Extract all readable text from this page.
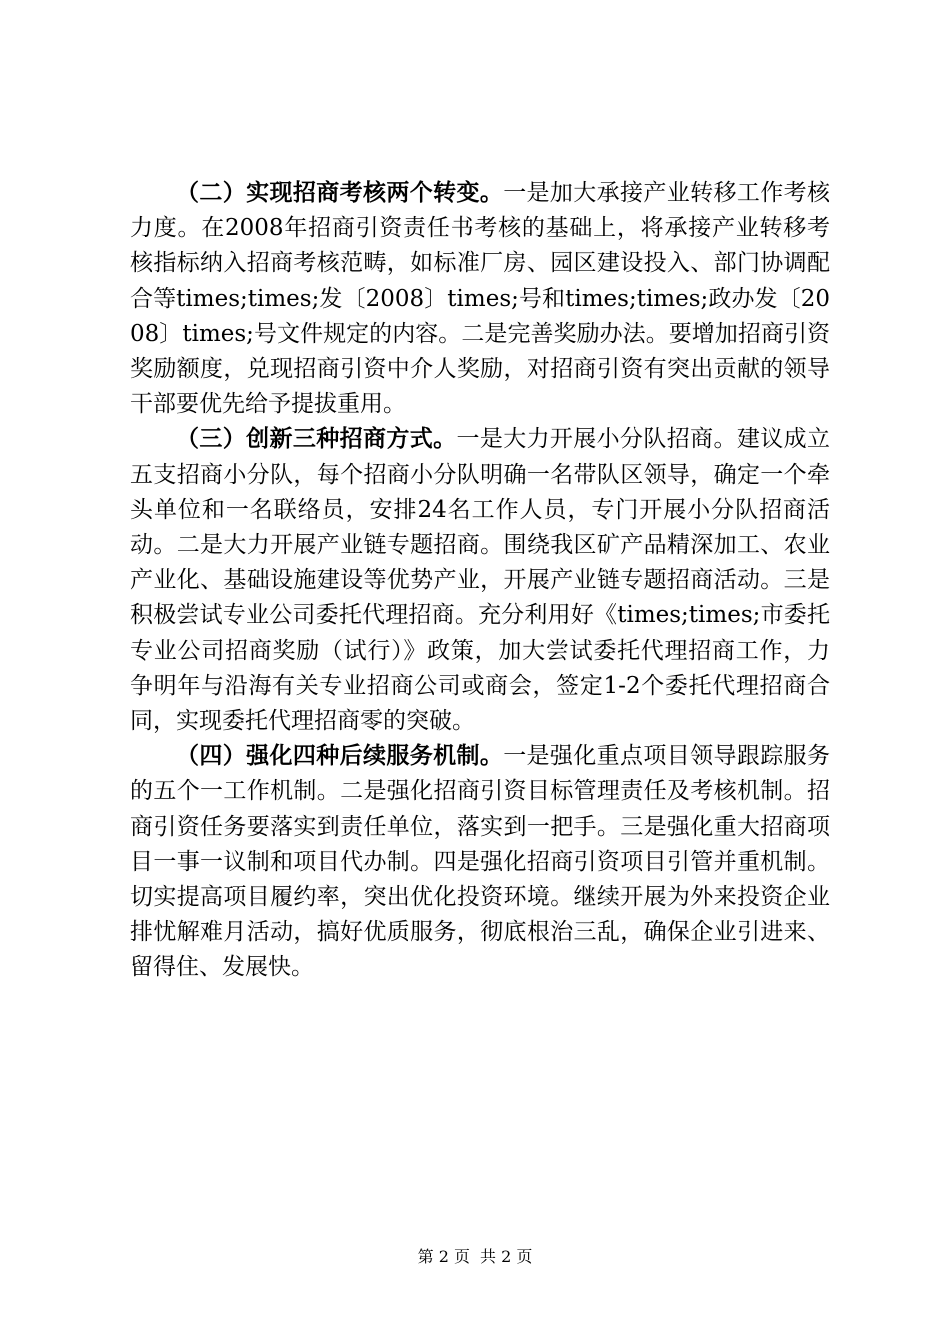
（二）实现招商考核两个转变。一是加大承接产业转移工作考核力度。在2008年招商引资责任书考核的基础上，将承接产业转移考核指标纳入招商考核范畴，如标准厂房、园区建设投入、部门协调配合等times;times;发〔2008〕times;号和times;times;政办发〔2008〕times;号文件规定的内容。二是完善奖励办法。要增加招商引资奖励额度，兑现招商引资中介人奖励，对招商引资有突出贡献的领导干部要优先给予提拔重用。

（三）创新三种招商方式。一是大力开展小分队招商。建议成立五支招商小分队，每个招商小分队明确一名带队区领导，确定一个牵头单位和一名联络员，安排24名工作人员，专门开展小分队招商活动。二是大力开展产业链专题招商。围绕我区矿产品精深加工、农业产业化、基础设施建设等优势产业，开展产业链专题招商活动。三是积极尝试专业公司委托代理招商。充分利用好《times;times;市委托专业公司招商奖励（试行）》政策，加大尝试委托代理招商工作，力争明年与沿海有关专业招商公司或商会，签定1-2个委托代理招商合同，实现委托代理招商零的突破。

（四）强化四种后续服务机制。一是强化重点项目领导跟踪服务的五个一工作机制。二是强化招商引资目标管理责任及考核机制。招商引资任务要落实到责任单位，落实到一把手。三是强化重大招商项目一事一议制和项目代办制。四是强化招商引资项目引管并重机制。切实提高项目履约率，突出优化投资环境。继续开展为外来投资企业排忧解难月活动，搞好优质服务，彻底根治三乱，确保企业引进来、留得住、发展快。

第 2 页 共 2 页
